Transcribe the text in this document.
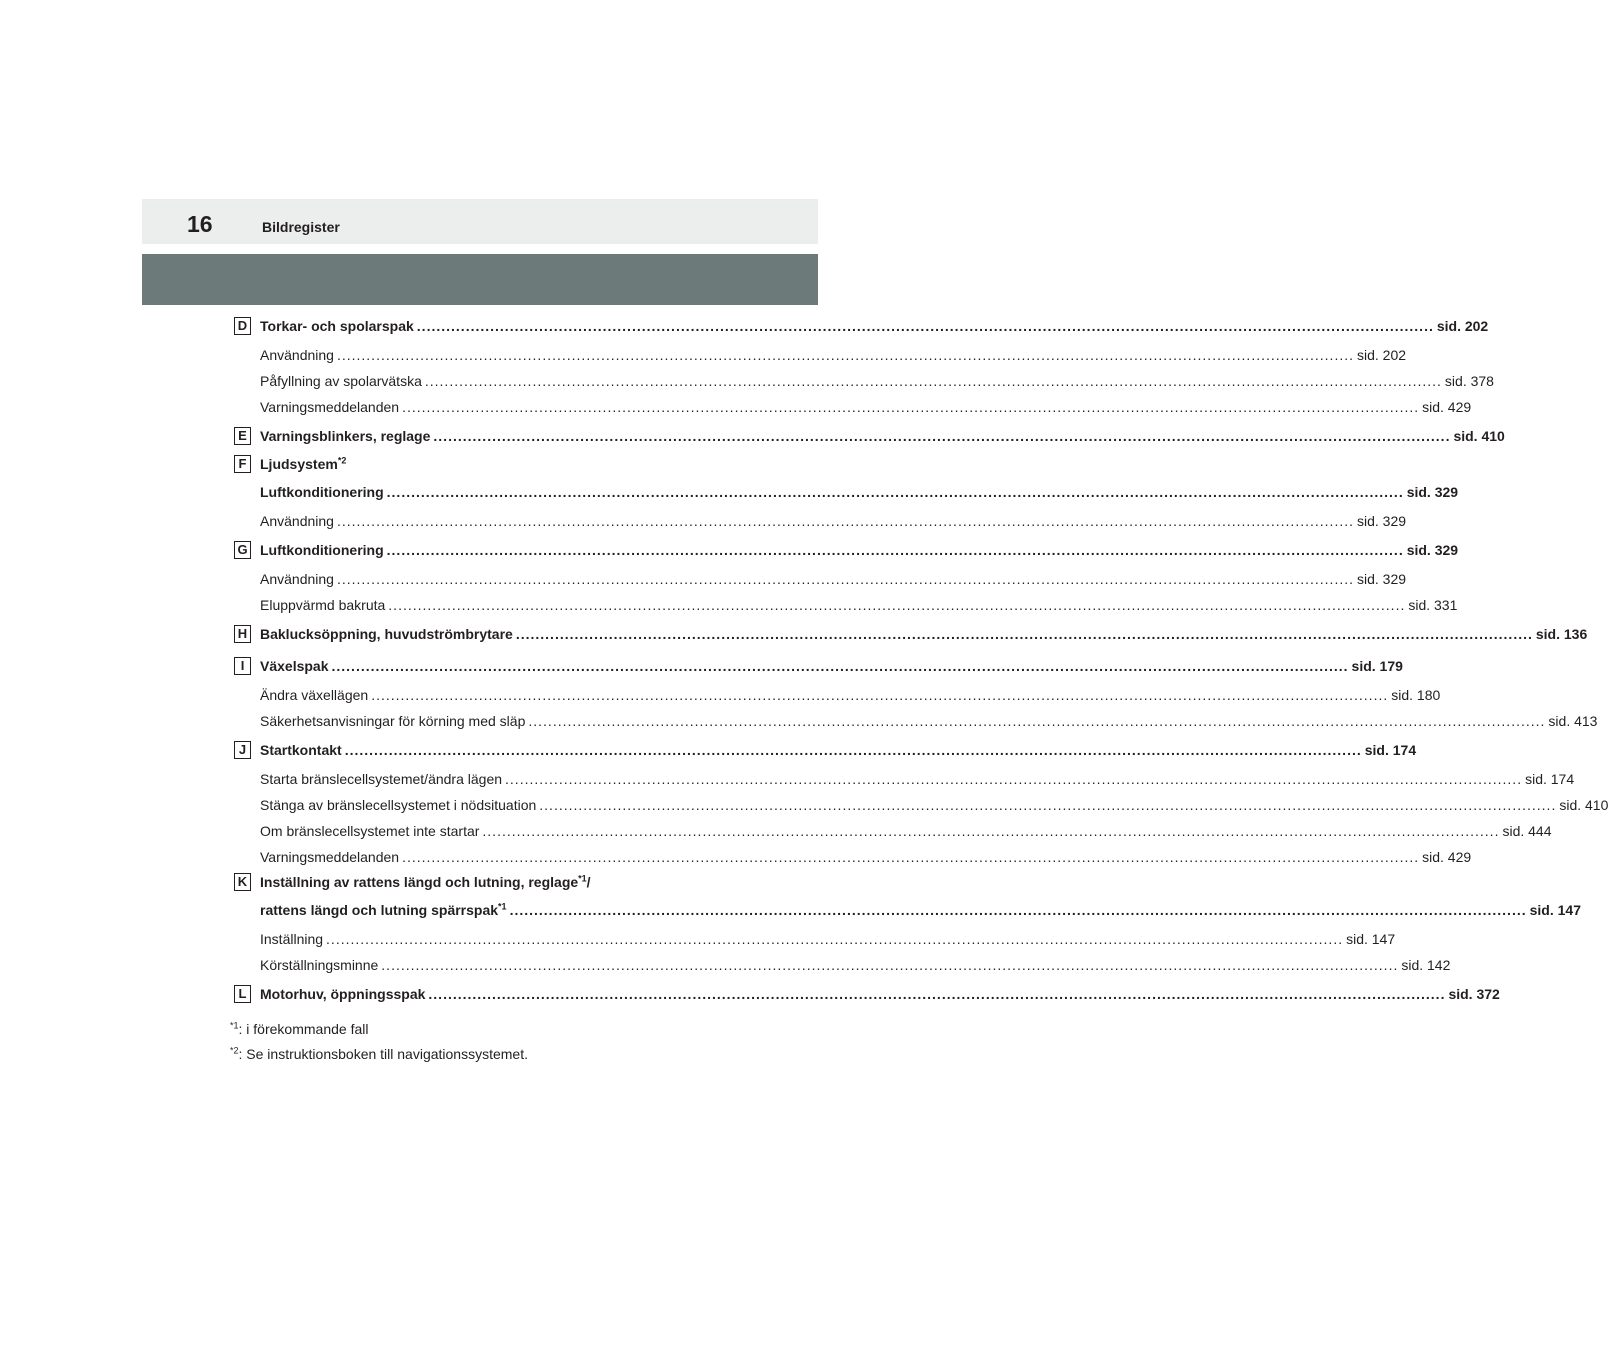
16	Bildregister
D Torkar- och spolarspak .....	sid. 202
Användning .....	sid. 202
Påfyllning av spolarvätska .....	sid. 378
Varningsmeddelanden .....	sid. 429
E Varningsblinkers, reglage .....	sid. 410
F Ljudsystem$^{*2}$
Luftkonditionering .....	sid. 329
Användning .....	sid. 329
G Luftkonditionering .....	sid. 329
Användning .....	sid. 329
Eluppvärmd bakruta .....	sid. 331
H Baklucksöppning, huvudströmbrytare .....	sid. 136
I	Växelspak .....	sid. 179
Ändra växellägen .....	sid. 180
Säkerhetsanvisningar för körning med släp .....	sid. 413
J Startkontakt .....	sid. 174
Starta bränslecellsystemet/ändra lägen .....	sid. 174
Stänga av bränslecellsystemet i nödsituation .....	sid. 410
Om bränslecellsystemet inte startar .....	sid. 444
Varningsmeddelanden .....	sid. 429
K Inställning av rattens längd och lutning, reglage$^{*1}$/
rattens längd och lutning spärrspak$^{*1}$ .....	sid. 147
Inställning .....	sid. 147
Körställningsminne .....	sid. 142
L Motorhuv, öppningsspak .....	sid. 372
$^{*1}$: i förekommande fall
$^{*2}$: Se instruktionsboken till navigationssystemet.
